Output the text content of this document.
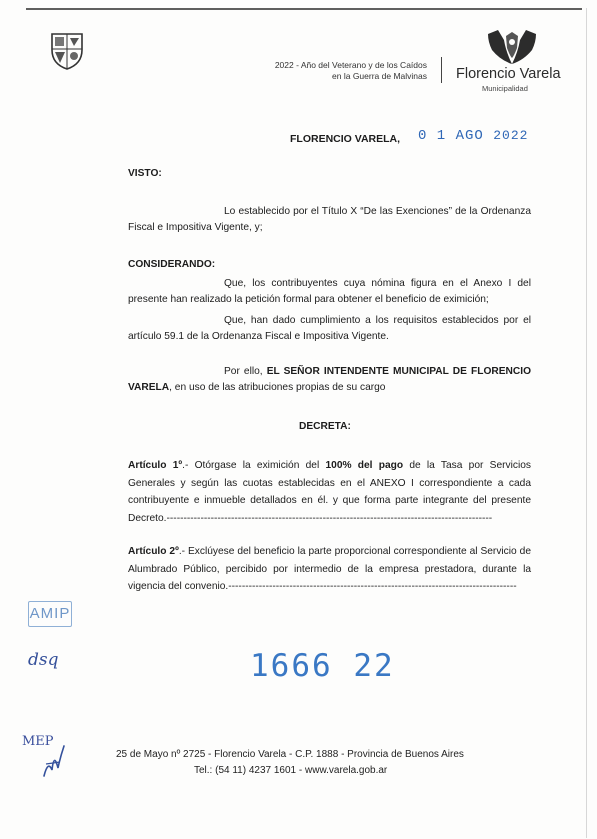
2022 - Año del Veterano y de los Caídos
en la Guerra de Malvinas Florencio Varela
Municipalidad
FLORENCIO VARELA, 0 1 AGO 2022
VISTO:
Lo establecido por el Título X “De las Exenciones” de la Ordenanza Fiscal e Impositiva Vigente, y;
CONSIDERANDO:
Que, los contribuyentes cuya nómina figura en el Anexo I del presente han realizado la petición formal para obtener el beneficio de eximición;
Que, han dado cumplimiento a los requisitos establecidos por el artículo 59.1 de la Ordenanza Fiscal e Impositiva Vigente.
Por ello, EL SEÑOR INTENDENTE MUNICIPAL DE FLORENCIO VARELA, en uso de las atribuciones propias de su cargo
DECRETA:
Artículo 1º.- Otórgase la eximición del 100% del pago de la Tasa por Servicios Generales y según las cuotas establecidas en el ANEXO I correspondiente a cada contribuyente e inmueble detallados en él. y que forma parte integrante del presente Decreto.------------------------------------------------------------------------------------------------
Artículo 2º.- Exclúyese del beneficio la parte proporcional correspondiente al Servicio de Alumbrado Público, percibido por intermedio de la empresa prestadora, durante la vigencia del convenio.-------------------------------------------------------------------------------------
AMIP
dsq	1666 22
MEP
25 de Mayo nº 2725 - Florencio Varela - C.P. 1888 - Provincia de Buenos Aires
Tel.: (54 11) 4237 1601 - www.varela.gob.ar
